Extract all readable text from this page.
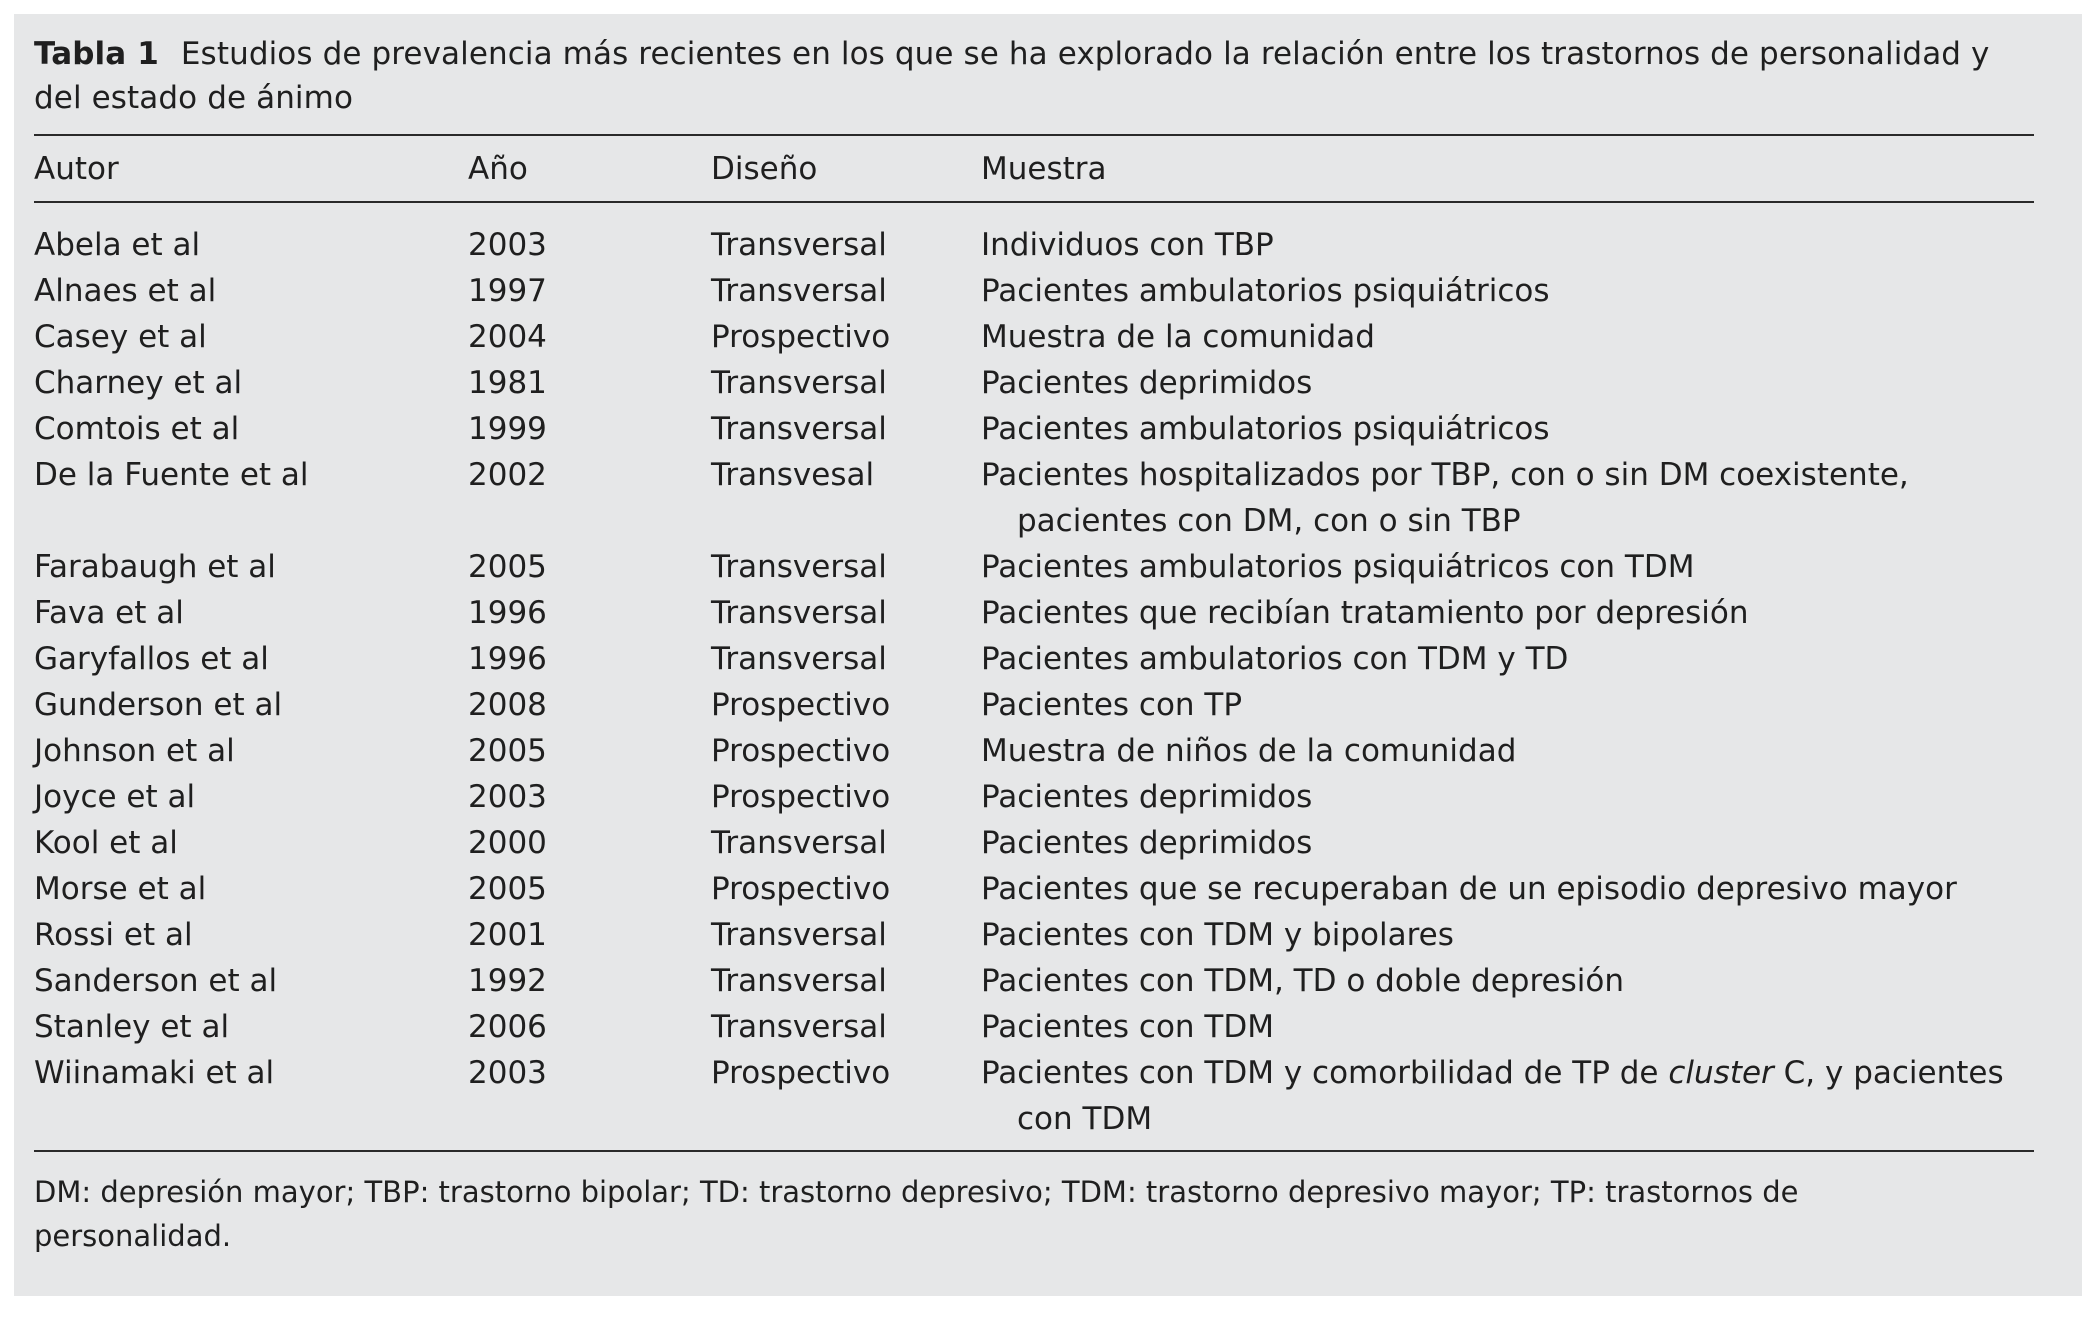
Tabla 1 Estudios de prevalencia más recientes en los que se ha explorado la relación entre los trastornos de personalidad y del estado de ánimo
Autor	Año	Diseño	Muestra
Abela et al	2003	Transversal	Individuos con TBP
Alnaes et al	1997	Transversal	Pacientes ambulatorios psiquiátricos
Casey et al	2004	Prospectivo	Muestra de la comunidad
Charney et al	1981	Transversal	Pacientes deprimidos
Comtois et al	1999	Transversal	Pacientes ambulatorios psiquiátricos
De la Fuente et al	2002	Transvesal	Pacientes hospitalizados por TBP, con o sin DM coexistente,
pacientes con DM, con o sin TBP
Farabaugh et al	2005	Transversal	Pacientes ambulatorios psiquiátricos con TDM
Fava et al	1996	Transversal	Pacientes que recibían tratamiento por depresión
Garyfallos et al	1996	Transversal	Pacientes ambulatorios con TDM y TD
Gunderson et al	2008	Prospectivo	Pacientes con TP
Johnson et al	2005	Prospectivo	Muestra de niños de la comunidad
Joyce et al	2003	Prospectivo	Pacientes deprimidos
Kool et al	2000	Transversal	Pacientes deprimidos
Morse et al	2005	Prospectivo	Pacientes que se recuperaban de un episodio depresivo mayor
Rossi et al	2001	Transversal	Pacientes con TDM y bipolares
Sanderson et al	1992	Transversal	Pacientes con TDM, TD o doble depresión
Stanley et al	2006	Transversal	Pacientes con TDM
Wiinamaki et al	2003	Prospectivo	Pacientes con TDM y comorbilidad de TP de cluster C, y pacientes
con TDM
DM: depresión mayor; TBP: trastorno bipolar; TD: trastorno depresivo; TDM: trastorno depresivo mayor; TP: trastornos de personalidad.
